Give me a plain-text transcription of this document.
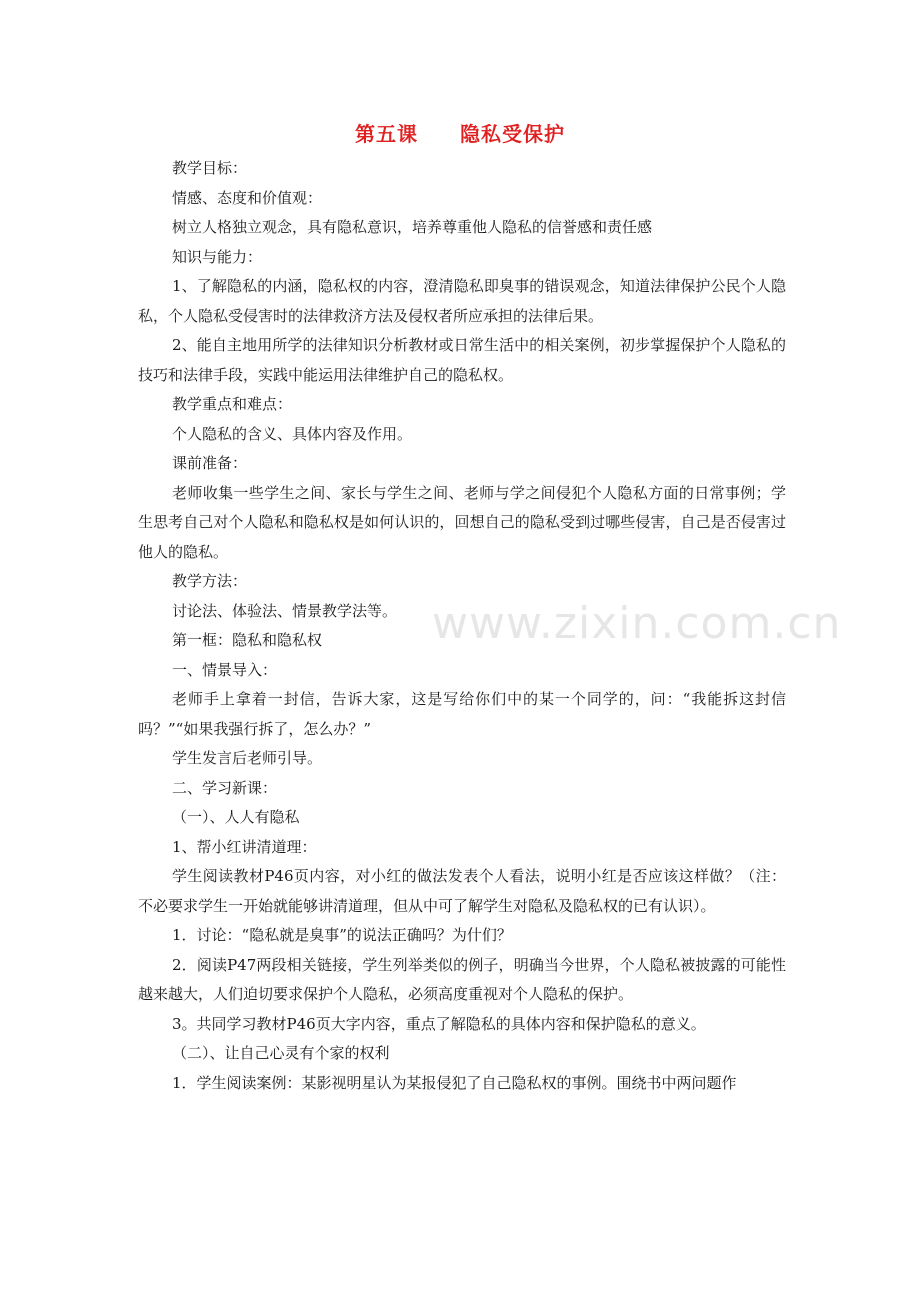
第五课　　隐私受保护

教学目标：

情感、态度和价值观：

树立人格独立观念，具有隐私意识，培养尊重他人隐私的信誉感和责任感

知识与能力：

1、了解隐私的内涵，隐私权的内容，澄清隐私即臭事的错误观念，知道法律保护公民个人隐私，个人隐私受侵害时的法律救济方法及侵权者所应承担的法律后果。

2、能自主地用所学的法律知识分析教材或日常生活中的相关案例，初步掌握保护个人隐私的技巧和法律手段，实践中能运用法律维护自己的隐私权。

教学重点和难点：

个人隐私的含义、具体内容及作用。

课前准备：

老师收集一些学生之间、家长与学生之间、老师与学之间侵犯个人隐私方面的日常事例；学生思考自己对个人隐私和隐私权是如何认识的，回想自己的隐私受到过哪些侵害，自己是否侵害过他人的隐私。

教学方法：

讨论法、体验法、情景教学法等。

第一框：隐私和隐私权

一、情景导入：

老师手上拿着一封信，告诉大家，这是写给你们中的某一个同学的，问：“我能拆这封信吗？”“如果我强行拆了，怎么办？”

学生发言后老师引导。

二、学习新课：

（一）、人人有隐私

1、帮小红讲清道理：

学生阅读教材P46页内容，对小红的做法发表个人看法，说明小红是否应该这样做？（注：不必要求学生一开始就能够讲清道理，但从中可了解学生对隐私及隐私权的已有认识）。

1．讨论：“隐私就是臭事”的说法正确吗？为什们？

2．阅读P47两段相关链接，学生列举类似的例子，明确当今世界，个人隐私被披露的可能性越来越大，人们迫切要求保护个人隐私，必须高度重视对个人隐私的保护。

3。共同学习教材P46页大字内容，重点了解隐私的具体内容和保护隐私的意义。

（二）、让自己心灵有个家的权利

1．学生阅读案例：某影视明星认为某报侵犯了自己隐私权的事例。围绕书中两问题作

www.zixin.com.cn
